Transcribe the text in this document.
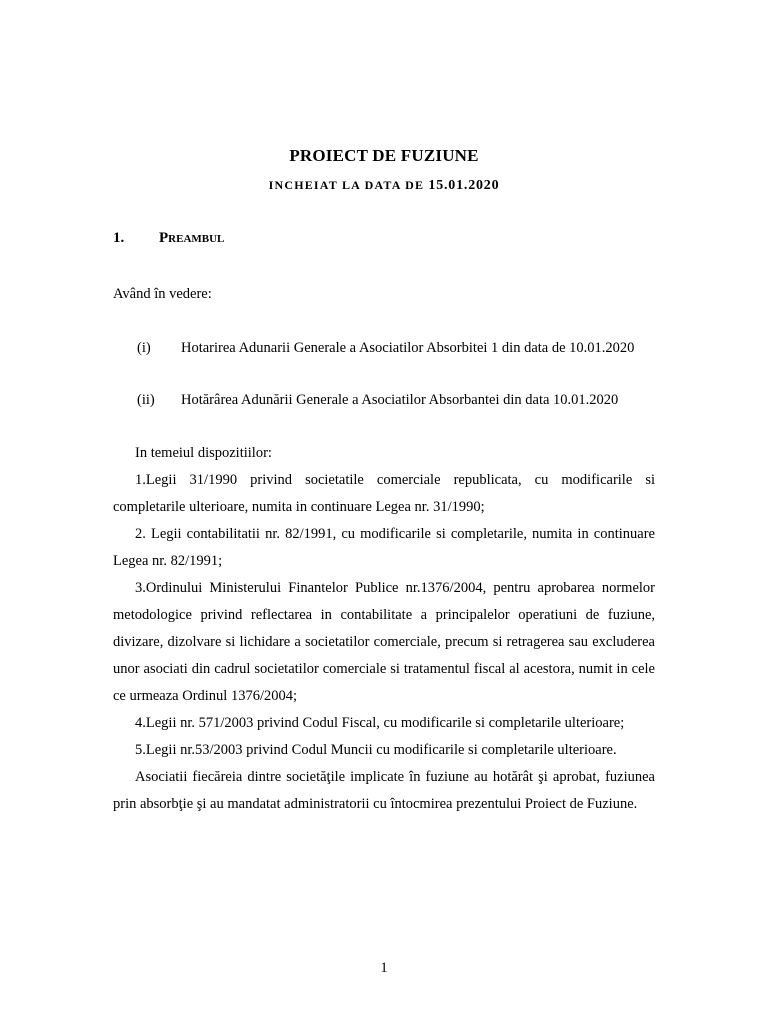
PROIECT DE FUZIUNE
INCHEIAT LA DATA DE 15.01.2020
1. Preambul
Având în vedere:
(i) Hotarirea Adunarii Generale a Asociatilor Absorbitei 1 din data de 10.01.2020
(ii) Hotărârea Adunării Generale a Asociatilor Absorbantei din data 10.01.2020

In temeiul dispozitiilor:

1.Legii 31/1990 privind societatile comerciale republicata, cu modificarile si completarile ulterioare, numita in continuare Legea nr. 31/1990;

2. Legii contabilitatii nr. 82/1991, cu modificarile si completarile, numita in continuare Legea nr. 82/1991;

3.Ordinului Ministerului Finantelor Publice nr.1376/2004, pentru aprobarea normelor metodologice privind reflectarea in contabilitate a principalelor operatiuni de fuziune, divizare, dizolvare si lichidare a societatilor comerciale, precum si retragerea sau excluderea unor asociati din cadrul societatilor comerciale si tratamentul fiscal al acestora, numit in cele ce urmeaza Ordinul 1376/2004;

4.Legii nr. 571/2003 privind Codul Fiscal, cu modificarile si completarile ulterioare;

5.Legii nr.53/2003 privind Codul Muncii cu modificarile si completarile ulterioare.

Asociatii fiecăreia dintre societăţile implicate în fuziune au hotărât şi aprobat, fuziunea prin absorbţie şi au mandatat administratorii cu întocmirea prezentului Proiect de Fuziune.

1
